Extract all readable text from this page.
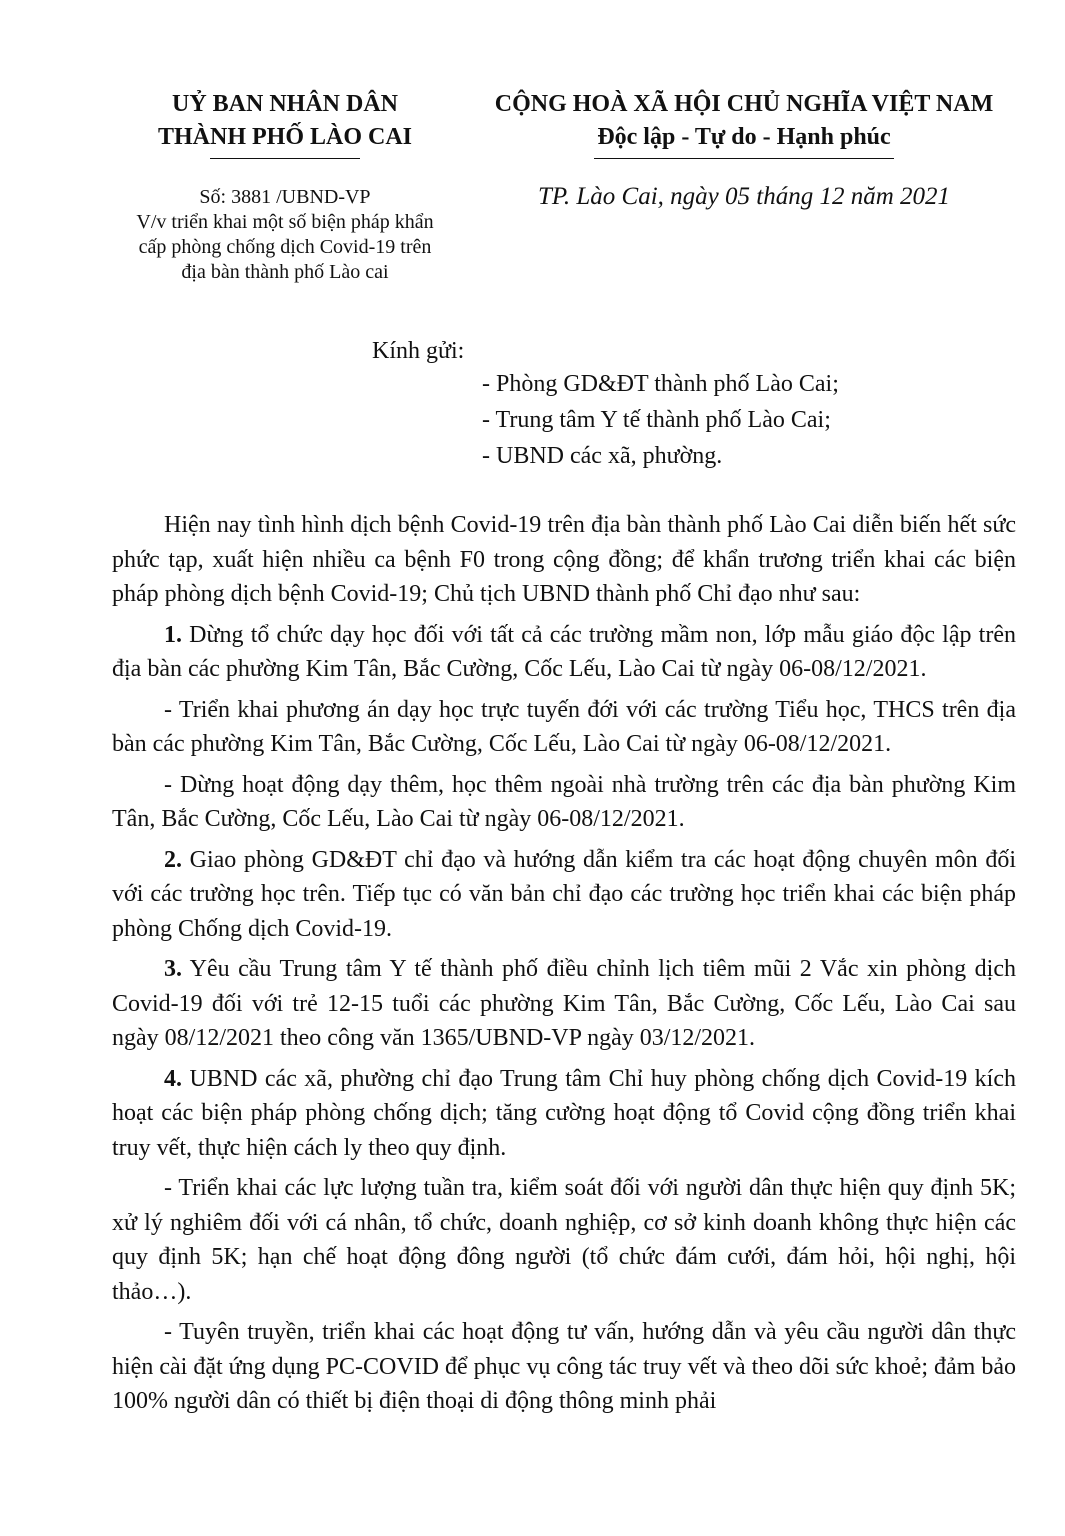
UỶ BAN NHÂN DÂN
THÀNH PHỐ LÀO CAI
Số: 3881 /UBND-VP
V/v triển khai một số biện pháp khẩn
cấp phòng chống dịch Covid-19 trên
địa bàn thành phố Lào cai
CỘNG HOÀ XÃ HỘI CHỦ NGHĨA VIỆT NAM
Độc lập - Tự do - Hạnh phúc
TP. Lào Cai, ngày 05 tháng 12 năm 2021
Kính gửi:
- Phòng GD&ĐT thành phố Lào Cai;
- Trung tâm Y tế thành phố Lào Cai;
- UBND các xã, phường.

Hiện nay tình hình dịch bệnh Covid-19 trên địa bàn thành phố Lào Cai diễn biến hết sức phức tạp, xuất hiện nhiều ca bệnh F0 trong cộng đồng; để khẩn trương triển khai các biện pháp phòng dịch bệnh Covid-19; Chủ tịch UBND thành phố Chỉ đạo như sau:

1. Dừng tổ chức dạy học đối với tất cả các trường mầm non, lớp mẫu giáo độc lập trên địa bàn các phường Kim Tân, Bắc Cường, Cốc Lếu, Lào Cai từ ngày 06-08/12/2021.

- Triển khai phương án dạy học trực tuyến đới với các trường Tiểu học, THCS trên địa bàn các phường Kim Tân, Bắc Cường, Cốc Lếu, Lào Cai từ ngày 06-08/12/2021.

- Dừng hoạt động dạy thêm, học thêm ngoài nhà trường trên các địa bàn phường Kim Tân, Bắc Cường, Cốc Lếu, Lào Cai từ ngày 06-08/12/2021.

2. Giao phòng GD&ĐT chỉ đạo và hướng dẫn kiểm tra các hoạt động chuyên môn đối với các trường học trên. Tiếp tục có văn bản chỉ đạo các trường học triển khai các biện pháp phòng Chống dịch Covid-19.

3. Yêu cầu Trung tâm Y tế thành phố điều chỉnh lịch tiêm mũi 2 Vắc xin phòng dịch Covid-19 đối với trẻ 12-15 tuổi các phường Kim Tân, Bắc Cường, Cốc Lếu, Lào Cai sau ngày 08/12/2021 theo công văn 1365/UBND-VP ngày 03/12/2021.

4. UBND các xã, phường chỉ đạo Trung tâm Chỉ huy phòng chống dịch Covid-19 kích hoạt các biện pháp phòng chống dịch; tăng cường hoạt động tổ Covid cộng đồng triển khai truy vết, thực hiện cách ly theo quy định.

- Triển khai các lực lượng tuần tra, kiểm soát đối với người dân thực hiện quy định 5K; xử lý nghiêm đối với cá nhân, tổ chức, doanh nghiệp, cơ sở kinh doanh không thực hiện các quy định 5K; hạn chế hoạt động đông người (tổ chức đám cưới, đám hỏi, hội nghị, hội thảo…).

- Tuyên truyền, triển khai các hoạt động tư vấn, hướng dẫn và yêu cầu người dân thực hiện cài đặt ứng dụng PC-COVID để phục vụ công tác truy vết và theo dõi sức khoẻ; đảm bảo 100% người dân có thiết bị điện thoại di động thông minh phải
